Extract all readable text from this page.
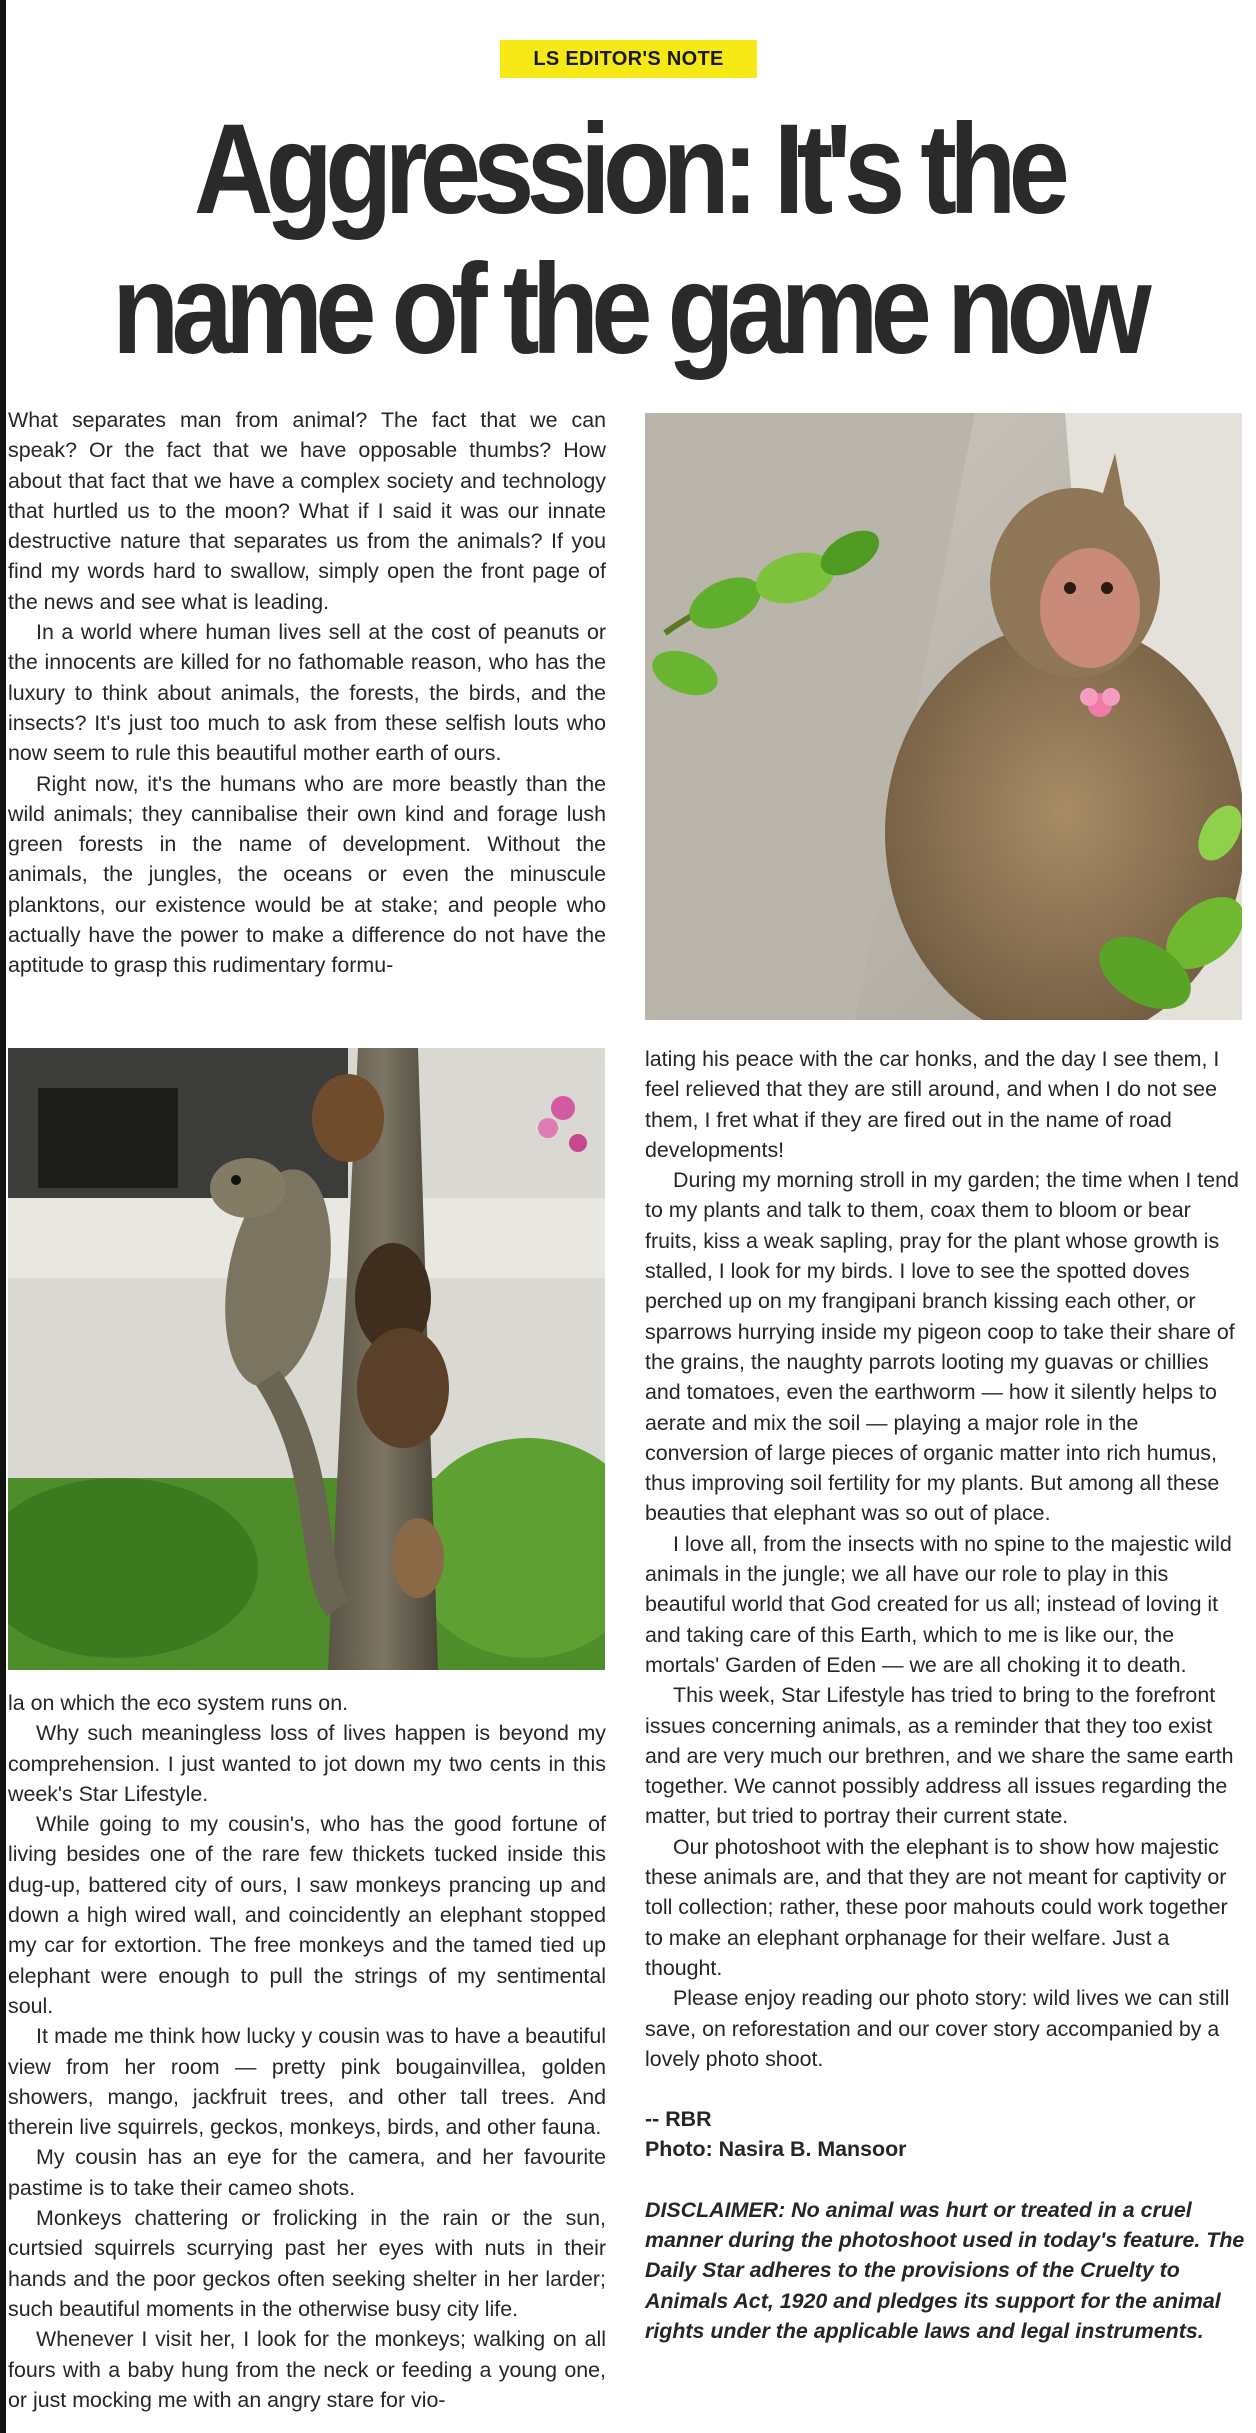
LS EDITOR'S NOTE
Aggression: It's the name of the game now

What separates man from animal? The fact that we can speak? Or the fact that we have opposable thumbs? How about that fact that we have a complex society and technology that hurtled us to the moon? What if I said it was our innate destructive nature that separates us from the animals? If you find my words hard to swallow, simply open the front page of the news and see what is leading.

In a world where human lives sell at the cost of peanuts or the innocents are killed for no fathomable reason, who has the luxury to think about animals, the forests, the birds, and the insects? It's just too much to ask from these selfish louts who now seem to rule this beautiful mother earth of ours.

Right now, it's the humans who are more beastly than the wild animals; they cannibalise their own kind and forage lush green forests in the name of development. Without the animals, the jungles, the oceans or even the minuscule planktons, our existence would be at stake; and people who actually have the power to make a difference do not have the aptitude to grasp this rudimentary formu-

la on which the eco system runs on.

Why such meaningless loss of lives happen is beyond my comprehension. I just wanted to jot down my two cents in this week's Star Lifestyle.

While going to my cousin's, who has the good fortune of living besides one of the rare few thickets tucked inside this dug-up, battered city of ours, I saw monkeys prancing up and down a high wired wall, and coincidently an elephant stopped my car for extortion. The free monkeys and the tamed tied up elephant were enough to pull the strings of my sentimental soul.

It made me think how lucky y cousin was to have a beautiful view from her room — pretty pink bougainvillea, golden showers, mango, jackfruit trees, and other tall trees. And therein live squirrels, geckos, monkeys, birds, and other fauna.

My cousin has an eye for the camera, and her favourite pastime is to take their cameo shots.

Monkeys chattering or frolicking in the rain or the sun, curtsied squirrels scurrying past her eyes with nuts in their hands and the poor geckos often seeking shelter in her larder; such beautiful moments in the otherwise busy city life.

Whenever I visit her, I look for the monkeys; walking on all fours with a baby hung from the neck or feeding a young one, or just mocking me with an angry stare for vio-

lating his peace with the car honks, and the day I see them, I feel relieved that they are still around, and when I do not see them, I fret what if they are fired out in the name of road developments!

During my morning stroll in my garden; the time when I tend to my plants and talk to them, coax them to bloom or bear fruits, kiss a weak sapling, pray for the plant whose growth is stalled, I look for my birds. I love to see the spotted doves perched up on my frangipani branch kissing each other, or sparrows hurrying inside my pigeon coop to take their share of the grains, the naughty parrots looting my guavas or chillies and tomatoes, even the earthworm — how it silently helps to aerate and mix the soil — playing a major role in the conversion of large pieces of organic matter into rich humus, thus improving soil fertility for my plants. But among all these beauties that elephant was so out of place.

I love all, from the insects with no spine to the majestic wild animals in the jungle; we all have our role to play in this beautiful world that God created for us all; instead of loving it and taking care of this Earth, which to me is like our, the mortals' Garden of Eden — we are all choking it to death.

This week, Star Lifestyle has tried to bring to the forefront issues concerning animals, as a reminder that they too exist and are very much our brethren, and we share the same earth together. We cannot possibly address all issues regarding the matter, but tried to portray their current state.

Our photoshoot with the elephant is to show how majestic these animals are, and that they are not meant for captivity or toll collection; rather, these poor mahouts could work together to make an elephant orphanage for their welfare. Just a thought.

Please enjoy reading our photo story: wild lives we can still save, on reforestation and our cover story accompanied by a lovely photo shoot.

-- RBR

Photo: Nasira B. Mansoor

DISCLAIMER: No animal was hurt or treated in a cruel manner during the photoshoot used in today's feature. The Daily Star adheres to the provisions of the Cruelty to Animals Act, 1920 and pledges its support for the animal rights under the applicable laws and legal instruments.
